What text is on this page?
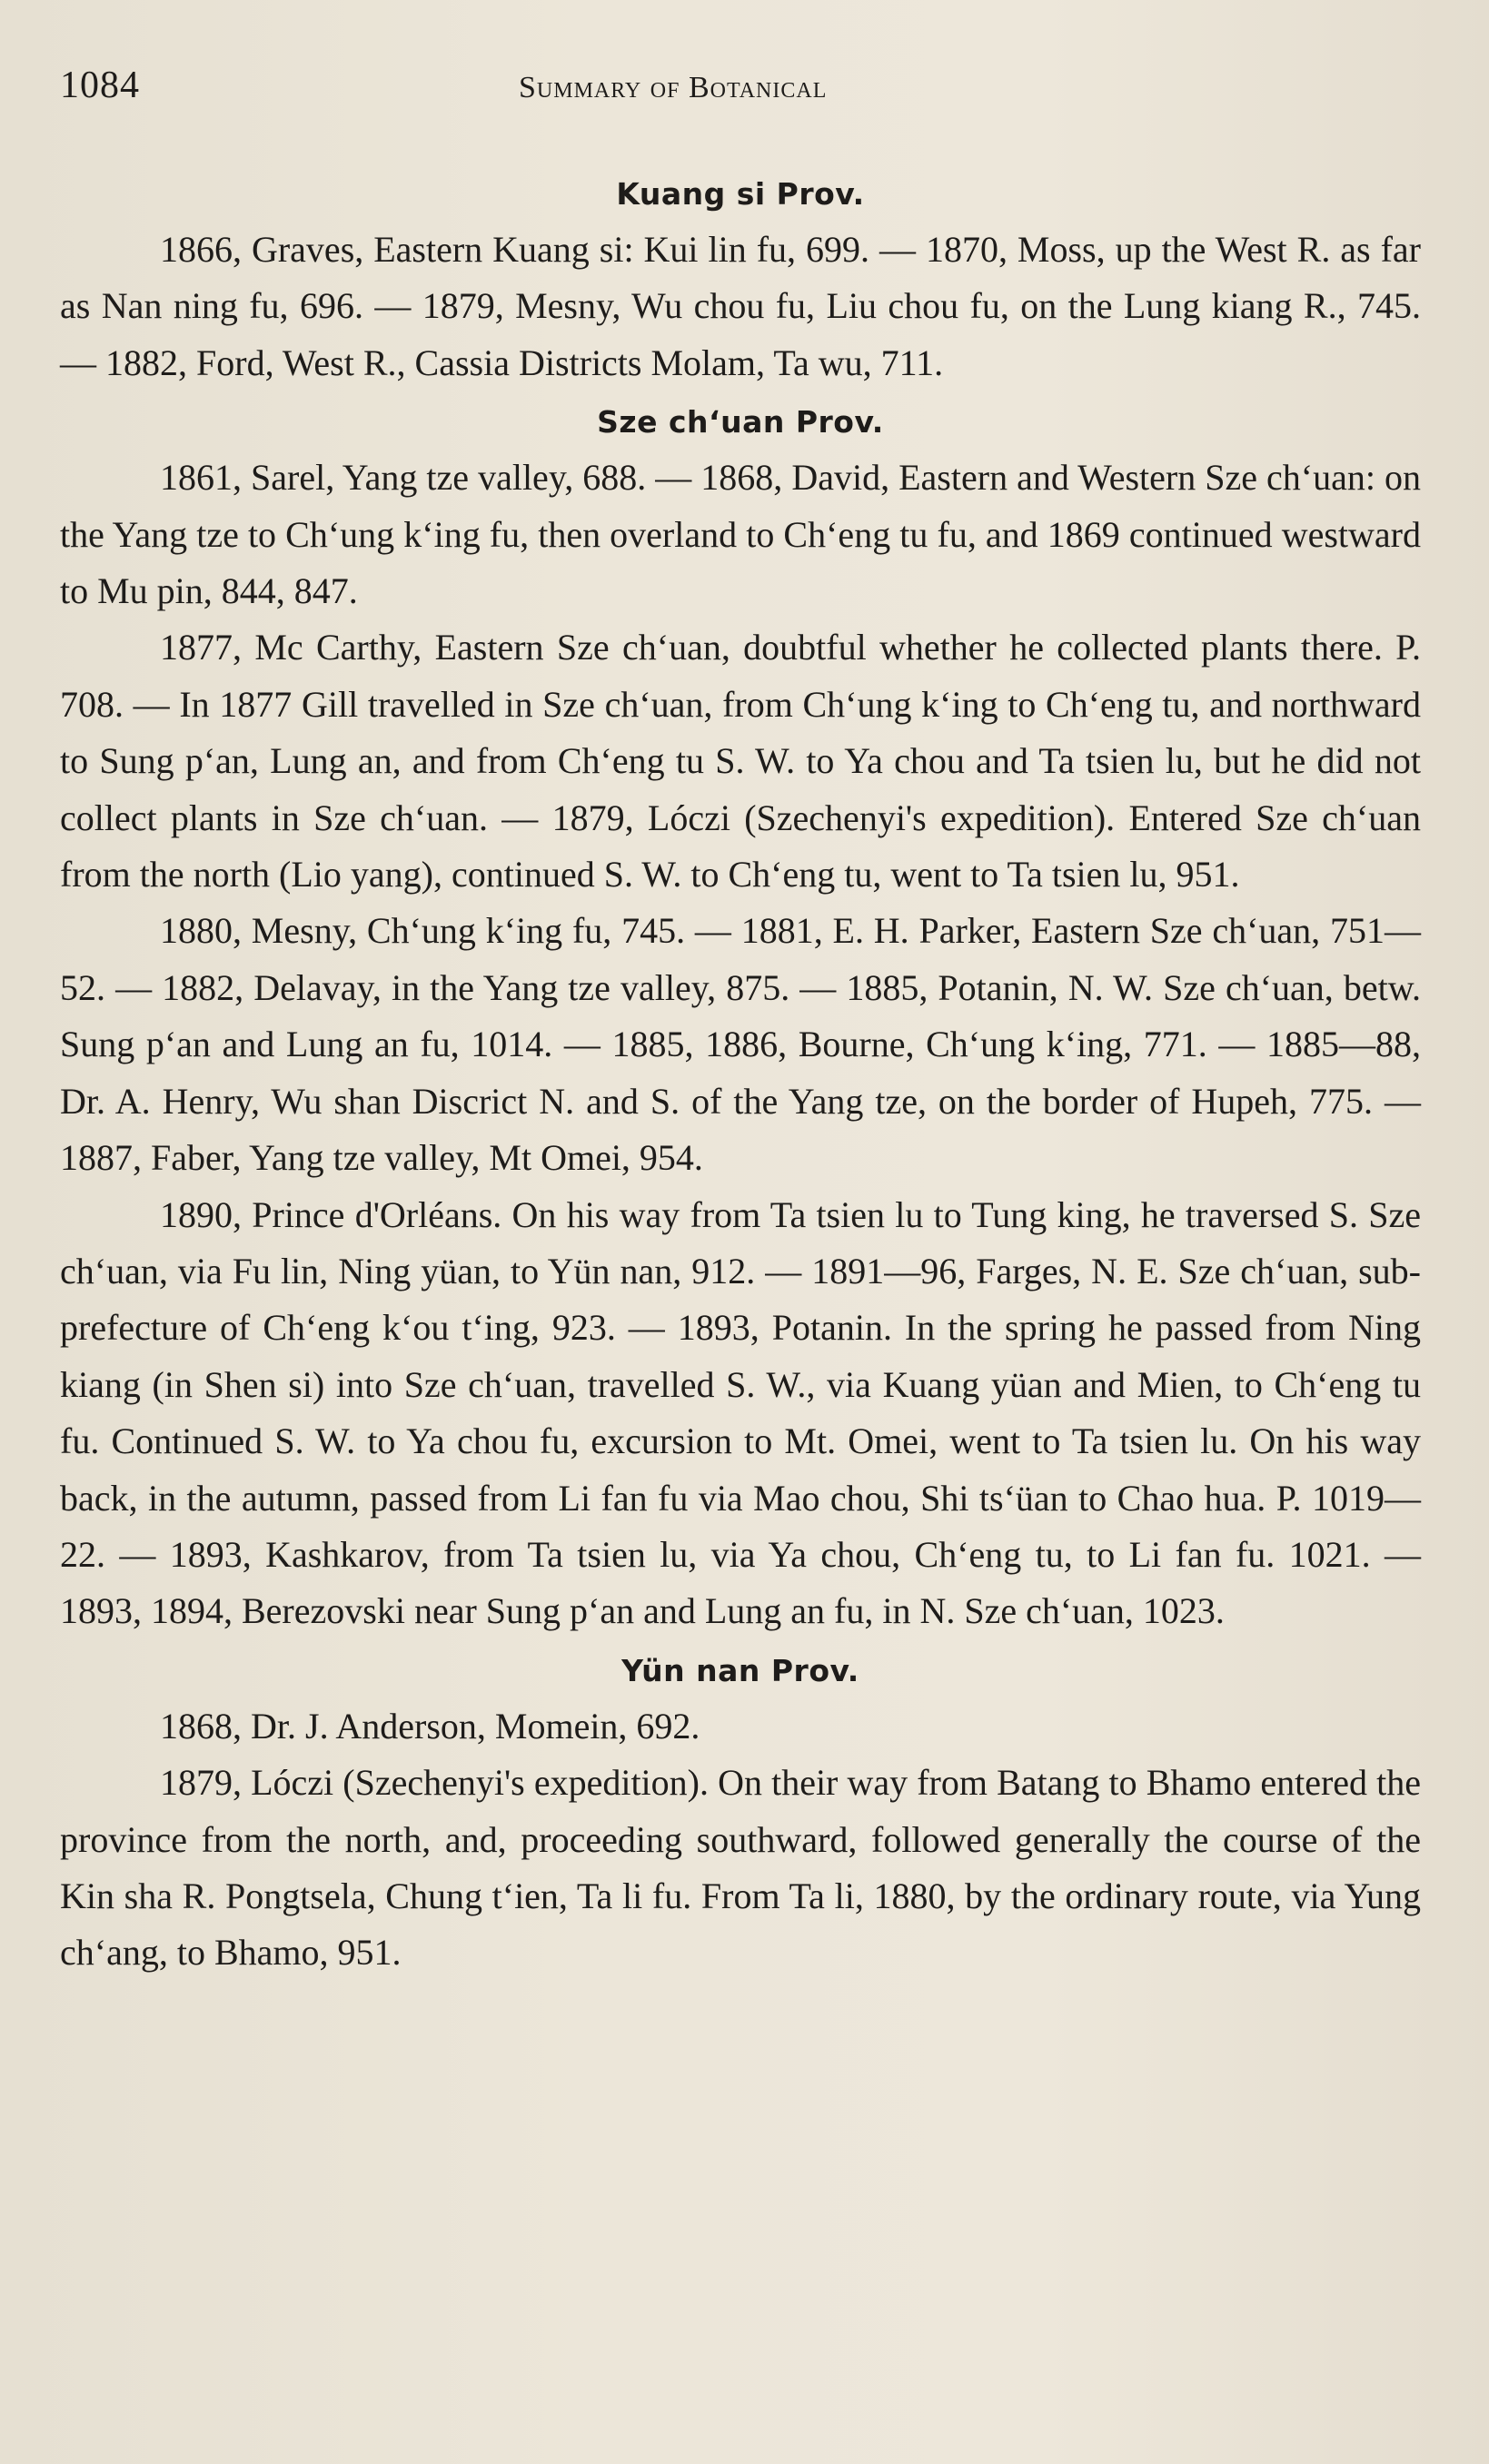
1084	Summary of Botanical
Kuang si Prov.

1866, Graves, Eastern Kuang si: Kui lin fu, 699. — 1870, Moss, up the West R. as far as Nan ning fu, 696. — 1879, Mesny, Wu chou fu, Liu chou fu, on the Lung kiang R., 745. — 1882, Ford, West R., Cassia Districts Molam, Ta wu, 711.

Sze chʻuan Prov.

1861, Sarel, Yang tze valley, 688. — 1868, David, Eastern and Western Sze chʻuan: on the Yang tze to Chʻung kʻing fu, then overland to Chʻeng tu fu, and 1869 continued westward to Mu pin, 844, 847.

1877, Mc Carthy, Eastern Sze chʻuan, doubtful whether he collected plants there. P. 708. — In 1877 Gill travelled in Sze chʻuan, from Chʻung kʻing to Chʻeng tu, and northward to Sung pʻan, Lung an, and from Chʻeng tu S. W. to Ya chou and Ta tsien lu, but he did not collect plants in Sze chʻuan. — 1879, Lóczi (Szechenyi's expedition). Entered Sze chʻuan from the north (Lio yang), continued S. W. to Chʻeng tu, went to Ta tsien lu, 951.

1880, Mesny, Chʻung kʻing fu, 745. — 1881, E. H. Parker, Eastern Sze chʻuan, 751—52. — 1882, Delavay, in the Yang tze valley, 875. — 1885, Potanin, N. W. Sze chʻuan, betw. Sung pʻan and Lung an fu, 1014. — 1885, 1886, Bourne, Chʻung kʻing, 771. — 1885—88, Dr. A. Henry, Wu shan Discrict N. and S. of the Yang tze, on the border of Hupeh, 775. — 1887, Faber, Yang tze valley, Mt Omei, 954.

1890, Prince d'Orléans. On his way from Ta tsien lu to Tung king, he traversed S. Sze chʻuan, via Fu lin, Ning yüan, to Yün nan, 912. — 1891—96, Farges, N. E. Sze chʻuan, sub-prefecture of Chʻeng kʻou tʻing, 923. — 1893, Potanin. In the spring he passed from Ning kiang (in Shen si) into Sze chʻuan, travelled S. W., via Kuang yüan and Mien, to Chʻeng tu fu. Continued S. W. to Ya chou fu, excursion to Mt. Omei, went to Ta tsien lu. On his way back, in the autumn, passed from Li fan fu via Mao chou, Shi tsʻüan to Chao hua. P. 1019—22. — 1893, Kashkarov, from Ta tsien lu, via Ya chou, Chʻeng tu, to Li fan fu. 1021. — 1893, 1894, Berezovski near Sung pʻan and Lung an fu, in N. Sze chʻuan, 1023.

Yün nan Prov.

1868, Dr. J. Anderson, Momein, 692.

1879, Lóczi (Szechenyi's expedition). On their way from Batang to Bhamo entered the province from the north, and, proceeding southward, followed generally the course of the Kin sha R. Pongtsela, Chung tʻien, Ta li fu. From Ta li, 1880, by the ordinary route, via Yung chʻang, to Bhamo, 951.
